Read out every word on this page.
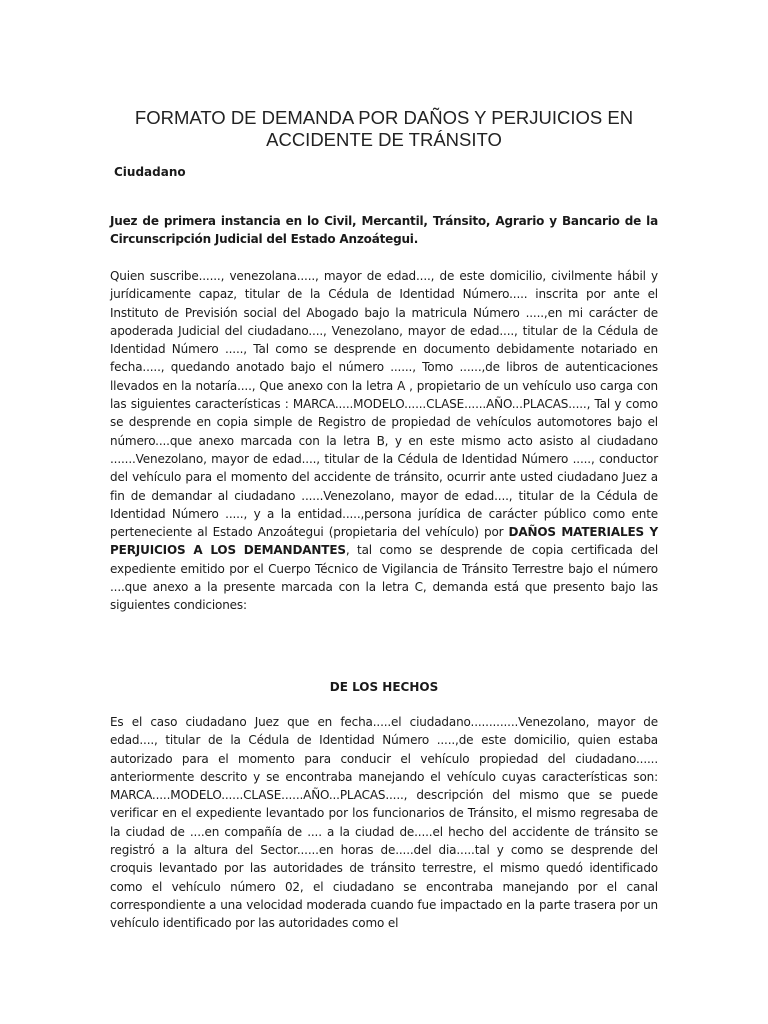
FORMATO DE DEMANDA POR DAÑOS Y PERJUICIOS EN ACCIDENTE DE TRÁNSITO

Ciudadano

Juez de primera instancia en lo Civil, Mercantil, Tránsito, Agrario y Bancario de la Circunscripción Judicial del Estado Anzoátegui.

Quien suscribe......, venezolana....., mayor de edad...., de este domicilio, civilmente hábil y jurídicamente capaz, titular de la Cédula de Identidad Número..... inscrita por ante el Instituto de Previsión social del Abogado bajo la matricula Número .....,en mi carácter de apoderada Judicial del ciudadano...., Venezolano, mayor de edad...., titular de la Cédula de Identidad Número ....., Tal como se desprende en documento debidamente notariado en fecha....., quedando anotado bajo el número ......, Tomo ......,de libros de autenticaciones llevados en la notaría...., Que anexo con la letra A , propietario de un vehículo uso carga con las siguientes características : MARCA.....MODELO......CLASE......AÑO...PLACAS....., Tal y como se desprende en copia simple de Registro de propiedad de vehículos automotores bajo el número....que anexo marcada con la letra B, y en este mismo acto asisto al ciudadano .......Venezolano, mayor de edad...., titular de la Cédula de Identidad Número ....., conductor del vehículo para el momento del accidente de tránsito, ocurrir ante usted ciudadano Juez a fin de demandar al ciudadano ......Venezolano, mayor de edad...., titular de la Cédula de Identidad Número ....., y a la entidad.....,persona jurídica de carácter público como ente perteneciente al Estado Anzoátegui (propietaria del vehículo) por DAÑOS MATERIALES Y PERJUICIOS A LOS DEMANDANTES, tal como se desprende de copia certificada del expediente emitido por el Cuerpo Técnico de Vigilancia de Tránsito Terrestre bajo el número ....que anexo a la presente marcada con la letra C, demanda está que presento bajo las siguientes condiciones:

DE LOS HECHOS

Es el caso ciudadano Juez que en fecha.....el ciudadano.............Venezolano, mayor de edad...., titular de la Cédula de Identidad Número .....,de este domicilio, quien estaba autorizado para el momento para conducir el vehículo propiedad del ciudadano...... anteriormente descrito y se encontraba manejando el vehículo cuyas características son: MARCA.....MODELO......CLASE......AÑO...PLACAS....., descripción del mismo que se puede verificar en el expediente levantado por los funcionarios de Tránsito, el mismo regresaba de la ciudad de ....en compañía de .... a la ciudad de.....el hecho del accidente de tránsito se registró a la altura del Sector......en horas de.....del dia.....tal y como se desprende del croquis levantado por las autoridades de tránsito terrestre, el mismo quedó identificado como el vehículo número 02, el ciudadano se encontraba manejando por el canal correspondiente a una velocidad moderada cuando fue impactado en la parte trasera por un vehículo identificado por las autoridades como el
